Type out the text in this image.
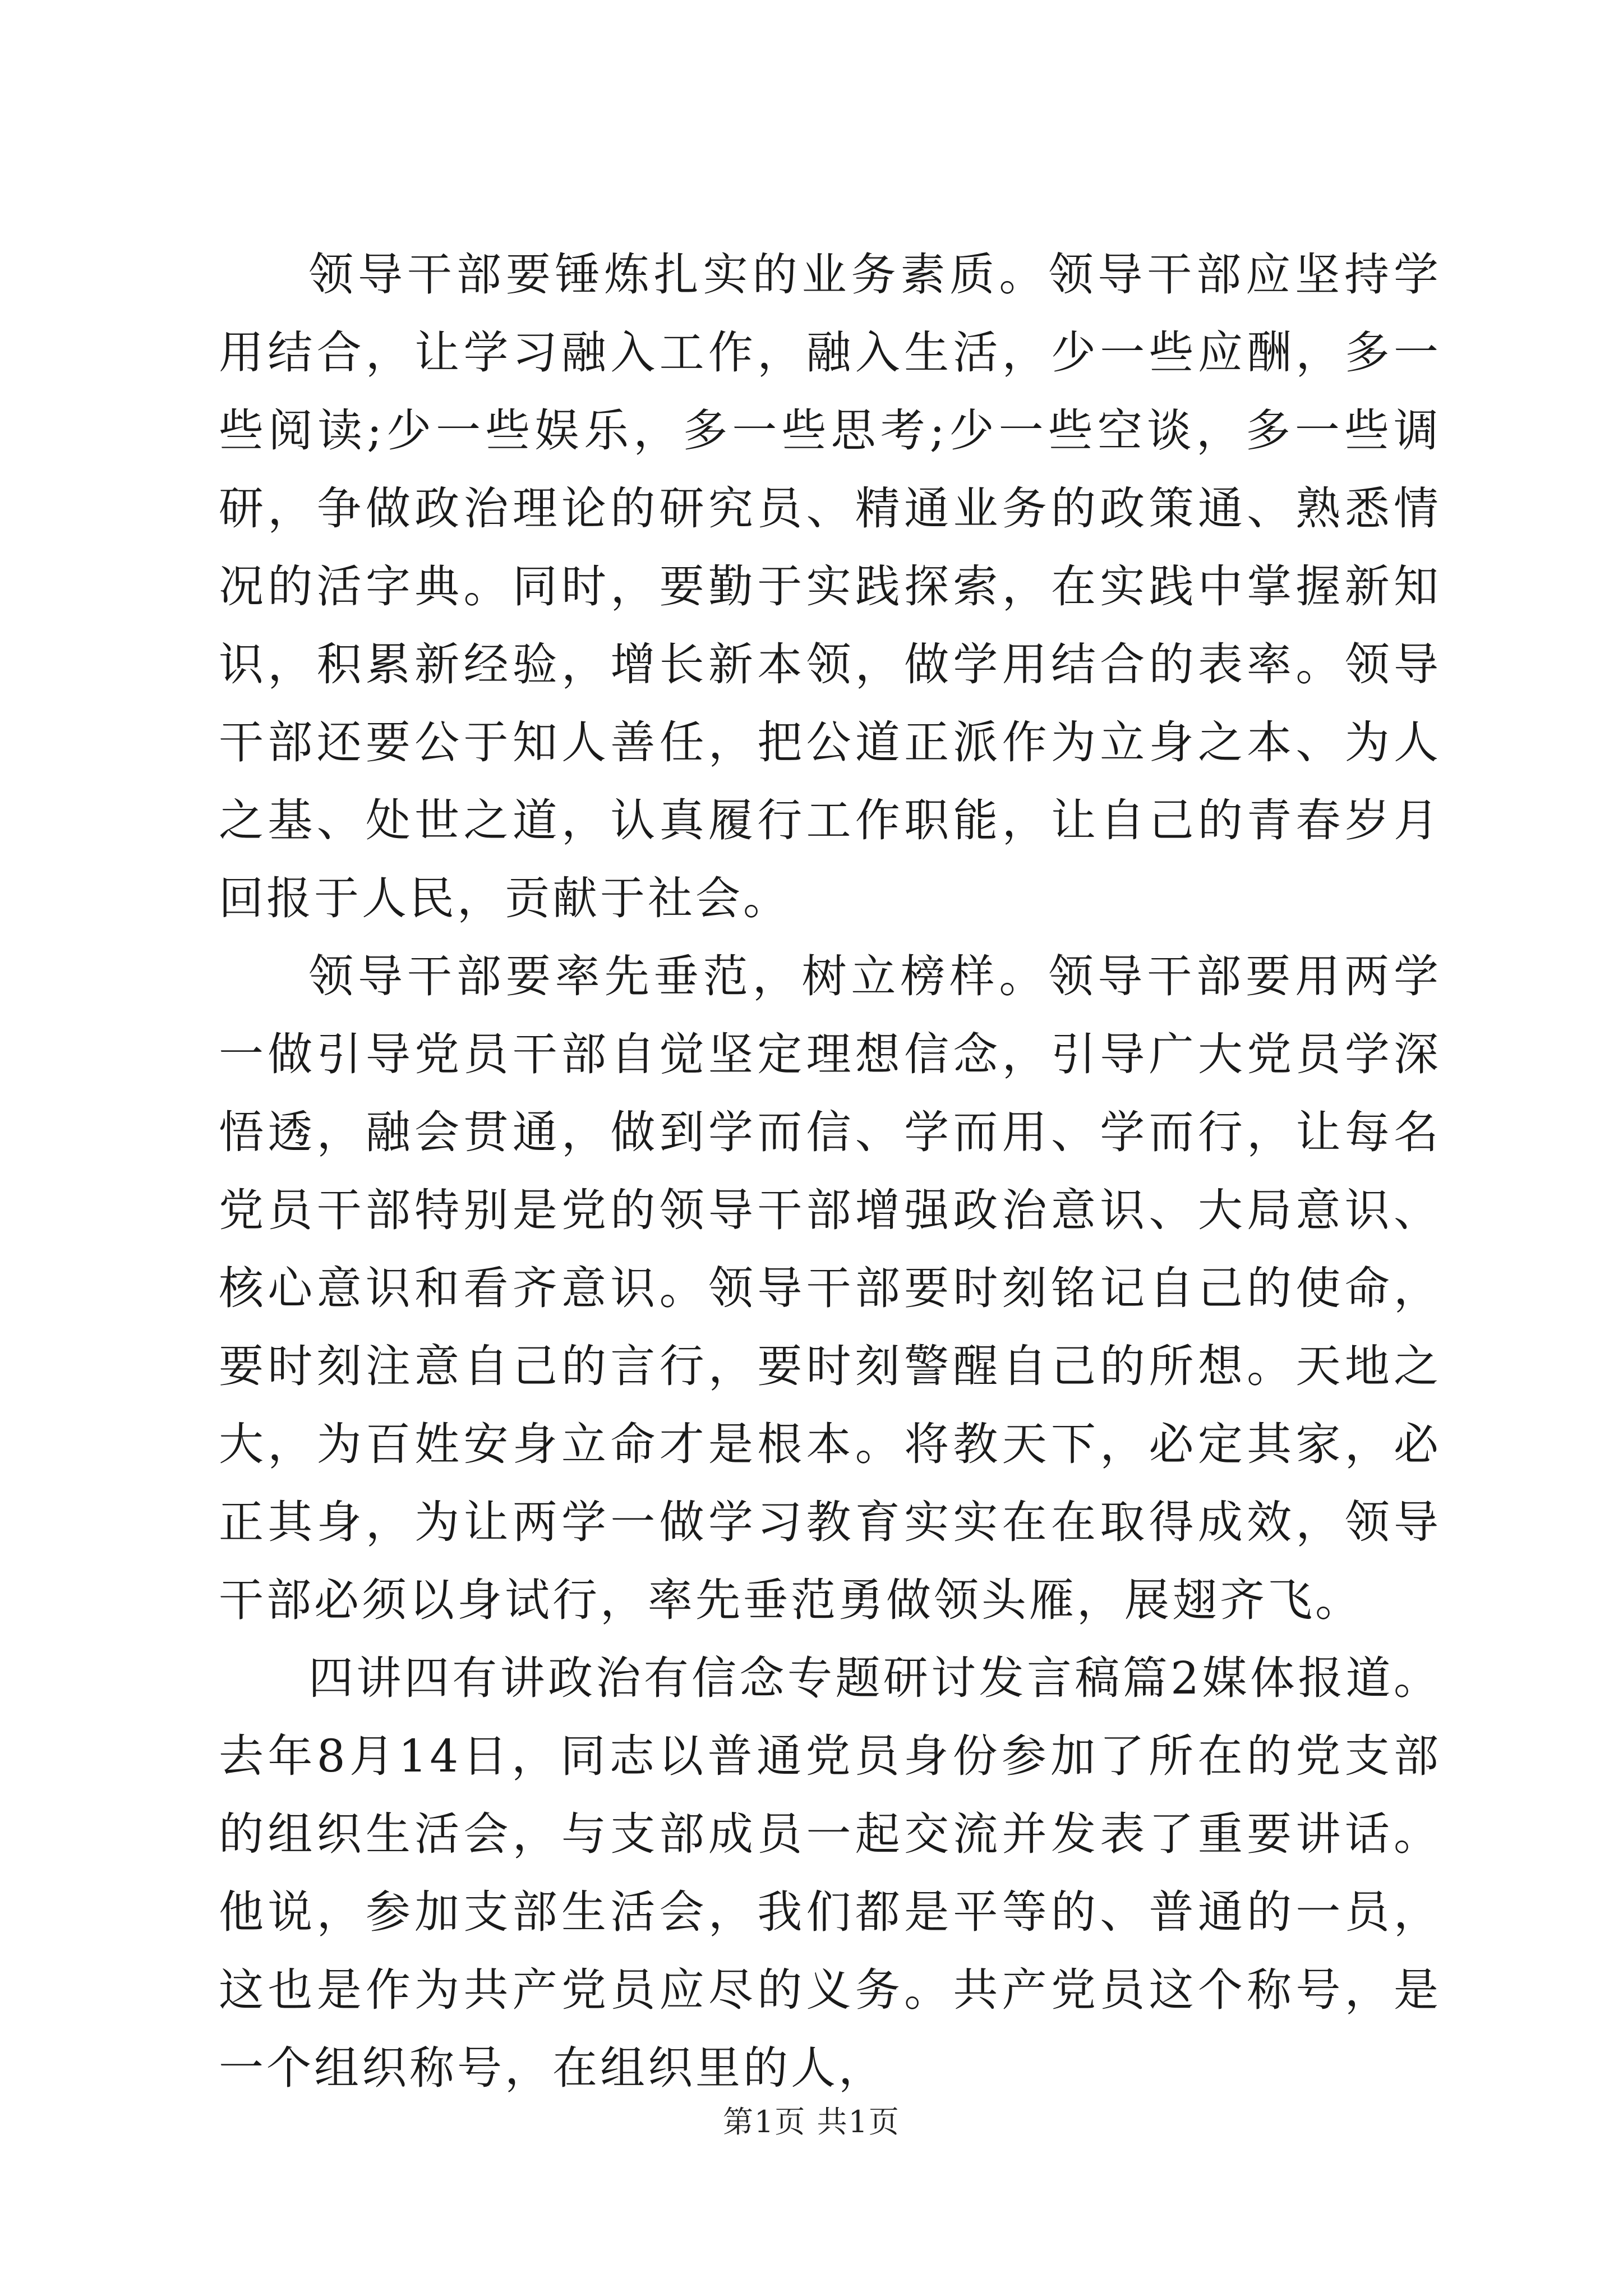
领导干部要锤炼扎实的业务素质。领导干部应坚持学用结合，让学习融入工作，融入生活，少一些应酬，多一些阅读;少一些娱乐，多一些思考;少一些空谈，多一些调研，争做政治理论的研究员、精通业务的政策通、熟悉情况的活字典。同时，要勤于实践探索，在实践中掌握新知识，积累新经验，增长新本领，做学用结合的表率。领导干部还要公于知人善任，把公道正派作为立身之本、为人之基、处世之道，认真履行工作职能，让自己的青春岁月回报于人民，贡献于社会。

领导干部要率先垂范，树立榜样。领导干部要用两学一做引导党员干部自觉坚定理想信念，引导广大党员学深悟透，融会贯通，做到学而信、学而用、学而行，让每名党员干部特别是党的领导干部增强政治意识、大局意识、核心意识和看齐意识。领导干部要时刻铭记自己的使命，要时刻注意自己的言行，要时刻警醒自己的所想。天地之大，为百姓安身立命才是根本。将教天下，必定其家，必正其身，为让两学一做学习教育实实在在取得成效，领导干部必须以身试行，率先垂范勇做领头雁，展翅齐飞。

四讲四有讲政治有信念专题研讨发言稿篇2媒体报道。去年8月14日，同志以普通党员身份参加了所在的党支部的组织生活会，与支部成员一起交流并发表了重要讲话。他说，参加支部生活会，我们都是平等的、普通的一员，这也是作为共产党员应尽的义务。共产党员这个称号，是一个组织称号，在组织里的人，

第1页 共1页
